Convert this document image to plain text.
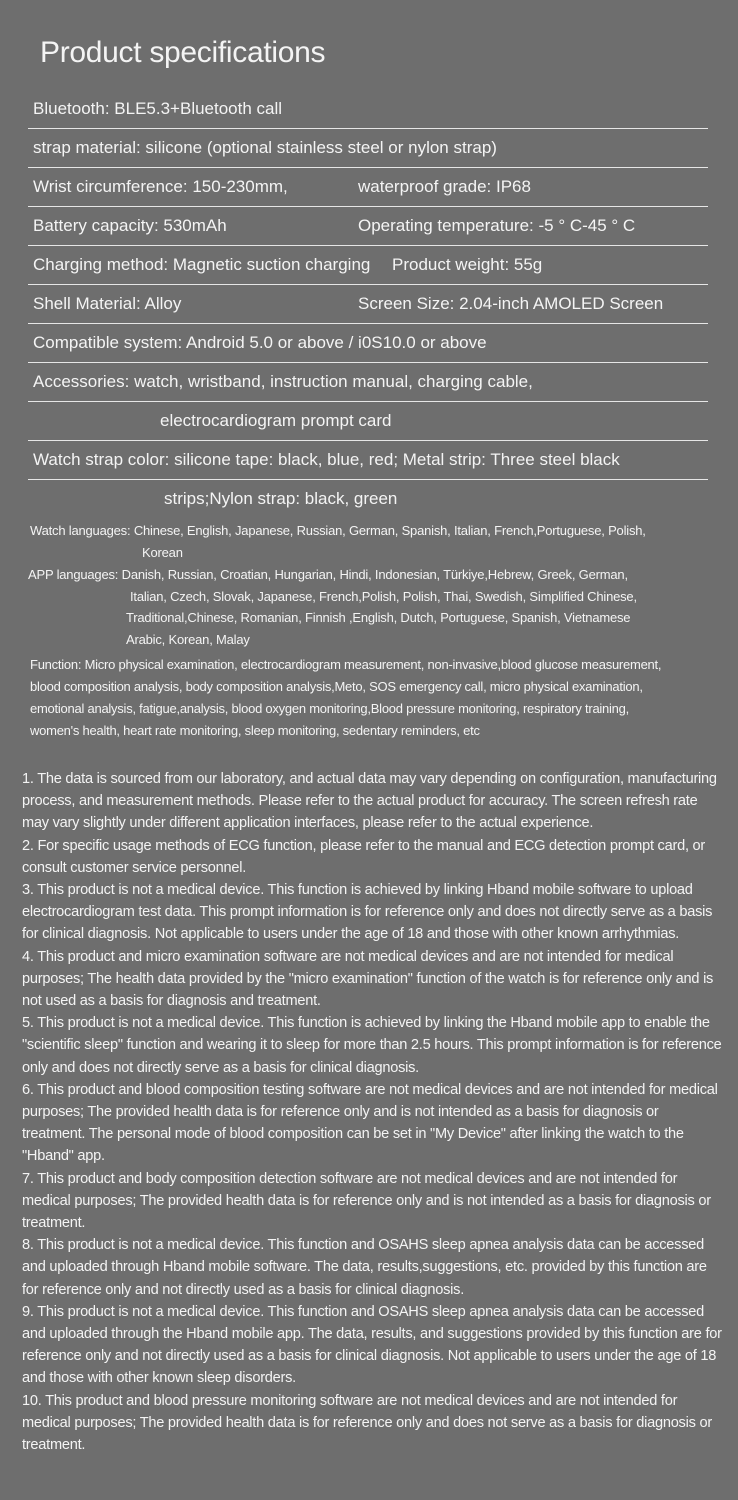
Product specifications
Bluetooth: BLE5.3+Bluetooth call
strap material: silicone (optional stainless steel or nylon strap)
Wrist circumference: 150-230mm,	waterproof grade: IP68
Battery capacity: 530mAh	Operating temperature: -5 ° C-45 ° C
Charging method: Magnetic suction charging Product weight: 55g
Shell Material: Alloy	Screen Size: 2.04-inch AMOLED Screen
Compatible system: Android 5.0 or above / i0S10.0 or above
Accessories: watch, wristband, instruction manual, charging cable,
electrocardiogram prompt card
Watch strap color: silicone tape: black, blue, red; Metal strip: Three steel black
strips;Nylon strap: black, green
Watch languages: Chinese, English, Japanese, Russian, German, Spanish, Italian, French,Portuguese, Polish,
Korean
APP languages: Danish, Russian, Croatian, Hungarian, Hindi, Indonesian, Türkiye,Hebrew, Greek, German,
Italian, Czech, Slovak, Japanese, French,Polish, Polish, Thai, Swedish, Simplified Chinese,
Traditional,Chinese, Romanian, Finnish ,English, Dutch, Portuguese, Spanish, Vietnamese
Arabic, Korean, Malay
Function: Micro physical examination, electrocardiogram measurement, non-invasive,blood glucose measurement,
blood composition analysis, body composition analysis,Meto, SOS emergency call, micro physical examination,
emotional analysis, fatigue,analysis, blood oxygen monitoring,Blood pressure monitoring, respiratory training,
women's health, heart rate monitoring, sleep monitoring, sedentary reminders, etc

1. The data is sourced from our laboratory, and actual data may vary depending on configuration, manufacturing process, and measurement methods. Please refer to the actual product for accuracy. The screen refresh rate may vary slightly under different application interfaces, please refer to the actual experience.

2. For specific usage methods of ECG function, please refer to the manual and ECG detection prompt card, or consult customer service personnel.

3. This product is not a medical device. This function is achieved by linking Hband mobile software to upload electrocardiogram test data. This prompt information is for reference only and does not directly serve as a basis for clinical diagnosis. Not applicable to users under the age of 18 and those with other known arrhythmias.

4. This product and micro examination software are not medical devices and are not intended for medical purposes; The health data provided by the "micro examination" function of the watch is for reference only and is not used as a basis for diagnosis and treatment.

5. This product is not a medical device. This function is achieved by linking the Hband mobile app to enable the "scientific sleep" function and wearing it to sleep for more than 2.5 hours. This prompt information is for reference only and does not directly serve as a basis for clinical diagnosis.

6. This product and blood composition testing software are not medical devices and are not intended for medical purposes; The provided health data is for reference only and is not intended as a basis for diagnosis or treatment. The personal mode of blood composition can be set in "My Device" after linking the watch to the "Hband" app.

7. This product and body composition detection software are not medical devices and are not intended for medical purposes; The provided health data is for reference only and is not intended as a basis for diagnosis or treatment.

8. This product is not a medical device. This function and OSAHS sleep apnea analysis data can be accessed and uploaded through Hband mobile software. The data, results,suggestions, etc. provided by this function are for reference only and not directly used as a basis for clinical diagnosis.

9. This product is not a medical device. This function and OSAHS sleep apnea analysis data can be accessed and uploaded through the Hband mobile app. The data, results, and suggestions provided by this function are for reference only and not directly used as a basis for clinical diagnosis. Not applicable to users under the age of 18 and those with other known sleep disorders.

10. This product and blood pressure monitoring software are not medical devices and are not intended for medical purposes; The provided health data is for reference only and does not serve as a basis for diagnosis or treatment.
